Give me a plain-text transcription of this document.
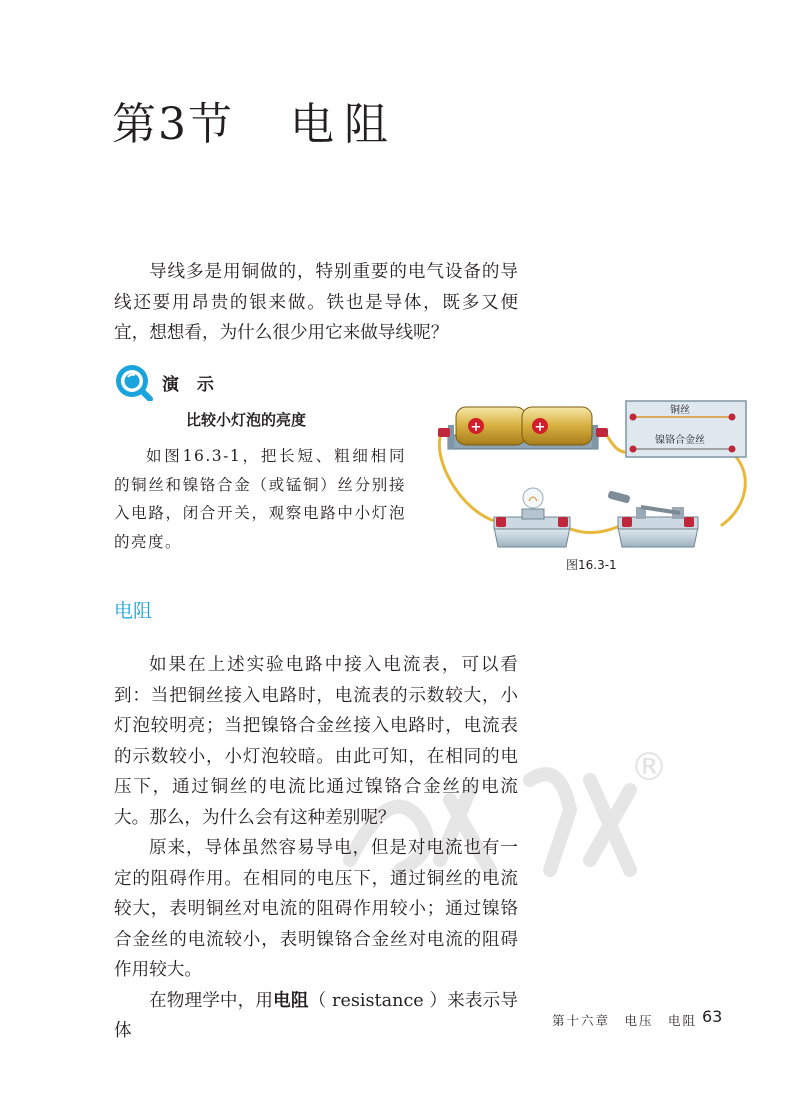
第3节 电阻

导线多是用铜做的，特别重要的电气设备的导线还要用昂贵的银来做。铁也是导体，既多又便宜，想想看，为什么很少用它来做导线呢？

演 示
比较小灯泡的亮度

如图16.3-1，把长短、粗细相同的铜丝和镍铬合金（或锰铜）丝分别接入电路，闭合开关，观察电路中小灯泡的亮度。

+	+
铜丝
镍铬合金丝
图16.3-1
电阻
®

如果在上述实验电路中接入电流表，可以看到：当把铜丝接入电路时，电流表的示数较大，小灯泡较明亮；当把镍铬合金丝接入电路时，电流表的示数较小，小灯泡较暗。由此可知，在相同的电压下，通过铜丝的电流比通过镍铬合金丝的电流大。那么，为什么会有这种差别呢？

原来，导体虽然容易导电，但是对电流也有一定的阻碍作用。在相同的电压下，通过铜丝的电流较大，表明铜丝对电流的阻碍作用较小；通过镍铬合金丝的电流较小，表明镍铬合金丝对电流的阻碍作用较大。

在物理学中，用电阻（ resistance ）来表示导体

第十六章　电压　电阻 63
